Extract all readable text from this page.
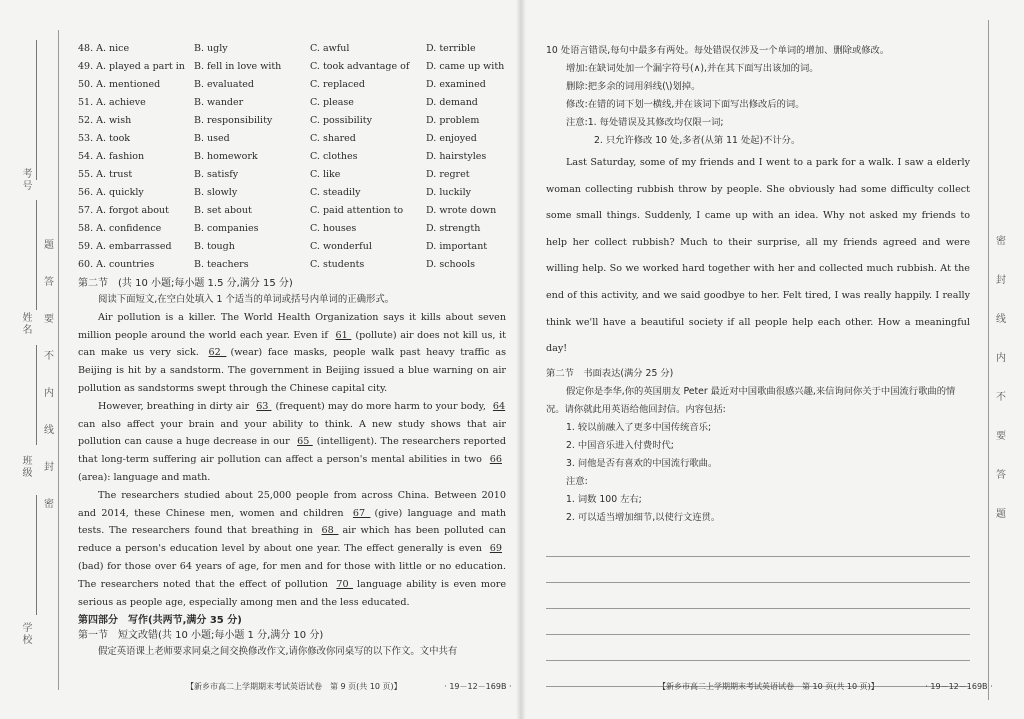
考号
姓名
班级
学校
题
答
要
不
内
线
封
密
密
封
线
内
不
要
答
题
48. A. nice	B. ugly	C. awful	D. terrible
49. A. played a part in B. fell in love with	C. took advantage of	D. came up with
50. A. mentioned	B. evaluated	C. replaced	D. examined
51. A. achieve	B. wander	C. please	D. demand
52. A. wish	B. responsibility	C. possibility	D. problem
53. A. took	B. used	C. shared	D. enjoyed
54. A. fashion	B. homework	C. clothes	D. hairstyles
55. A. trust	B. satisfy	C. like	D. regret
56. A. quickly	B. slowly	C. steadily	D. luckily
57. A. forgot about	B. set about	C. paid attention to	D. wrote down
58. A. confidence	B. companies	C. houses	D. strength
59. A. embarrassed	B. tough	C. wonderful	D. important
60. A. countries	B. teachers	C. students	D. schools
第二节　(共 10 小题;每小题 1.5 分,满分 15 分)
阅读下面短文,在空白处填入 1 个适当的单词或括号内单词的正确形式。

Air pollution is a killer. The World Health Organization says it kills about seven million people around the world each year. Even if 61 (pollute) air does not kill us, it can make us very sick. 62 (wear) face masks, people walk past heavy traffic as Beijing is hit by a sandstorm. The government in Beijing issued a blue warning on air pollution as sandstorms swept through the Chinese capital city.

However, breathing in dirty air 63 (frequent) may do more harm to your body, 64 can also affect your brain and your ability to think. A new study shows that air pollution can cause a huge decrease in our 65 (intelligent). The researchers reported that long-term suffering air pollution can affect a person's mental abilities in two 66 (area): language and math.

The researchers studied about 25,000 people from across China. Between 2010 and 2014, these Chinese men, women and children 67 (give) language and math tests. The researchers found that breathing in 68 air which has been polluted can reduce a person's education level by about one year. The effect generally is even 69 (bad) for those over 64 years of age, for men and for those with little or no education. The researchers noted that the effect of pollution 70 language ability is even more serious as people age, especially among men and the less educated.

第四部分　写作(共两节,满分 35 分)
第一节　短文改错(共 10 小题;每小题 1 分,满分 10 分)
假定英语课上老师要求同桌之间交换修改作文,请你修改你同桌写的以下作文。文中共有
【新乡市高二上学期期末考试英语试卷　第 9 页(共 10 页)】	· 19－12－169B ·
10 处语言错误,每句中最多有两处。每处错误仅涉及一个单词的增加、删除或修改。
增加:在缺词处加一个漏字符号(∧),并在其下面写出该加的词。
删除:把多余的词用斜线(\)划掉。
修改:在错的词下划一横线,并在该词下面写出修改后的词。
注意:1. 每处错误及其修改均仅限一词;
2. 只允许修改 10 处,多者(从第 11 处起)不计分。

Last Saturday, some of my friends and I went to a park for a walk. I saw a elderly woman collecting rubbish throw by people. She obviously had some difficulty collect some small things. Suddenly, I came up with an idea. Why not asked my friends to help her collect rubbish? Much to their surprise, all my friends agreed and were willing help. So we worked hard together with her and collected much rubbish. At the end of this activity, and we said goodbye to her. Felt tired, I was really happily. I really think we'll have a beautiful society if all people help each other. How a meaningful day!

第二节　书面表达(满分 25 分)
假定你是李华,你的英国朋友 Peter 最近对中国歌曲很感兴趣,来信询问你关于中国流行歌曲的情况。请你就此用英语给他回封信。内容包括:
1. 较以前融入了更多中国传统音乐;
2. 中国音乐进入付费时代;
3. 问他是否有喜欢的中国流行歌曲。
注意:
1. 词数 100 左右;
2. 可以适当增加细节,以使行文连贯。
【新乡市高二上学期期末考试英语试卷　第 10 页(共 10 页)】	· 19－12－169B ·
